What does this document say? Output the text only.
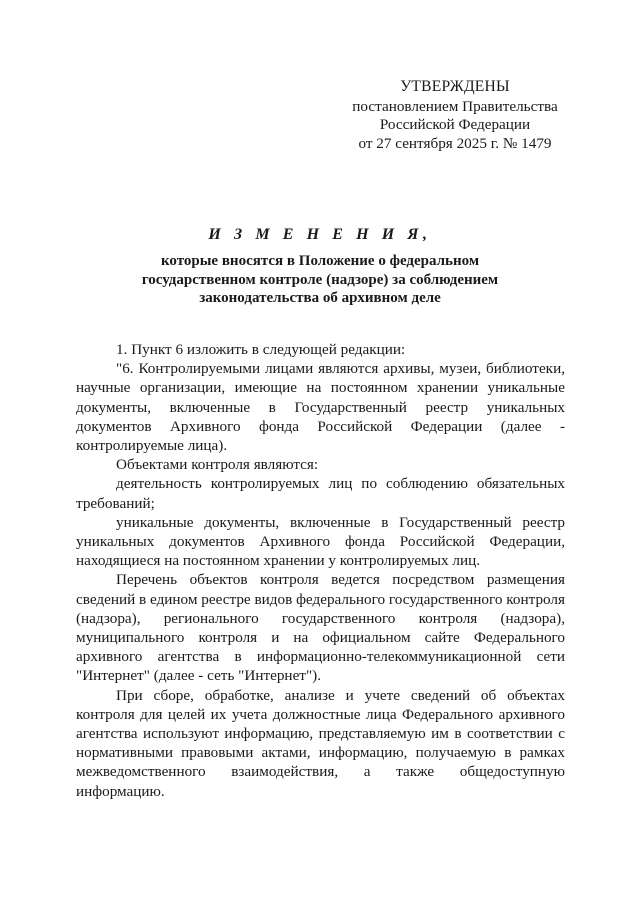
УТВЕРЖДЕНЫ
постановлением Правительства
Российской Федерации
от 27 сентября 2025 г. № 1479
И З М Е Н Е Н И Я,
которые вносятся в Положение о федеральном
государственном контроле (надзоре) за соблюдением
законодательства об архивном деле

1. Пункт 6 изложить в следующей редакции:

"6. Контролируемыми лицами являются архивы, музеи, библиотеки, научные организации, имеющие на постоянном хранении уникальные документы, включенные в Государственный реестр уникальных документов Архивного фонда Российской Федерации (далее - контролируемые лица).

Объектами контроля являются:

деятельность контролируемых лиц по соблюдению обязательных требований;

уникальные документы, включенные в Государственный реестр уникальных документов Архивного фонда Российской Федерации, находящиеся на постоянном хранении у контролируемых лиц.

Перечень объектов контроля ведется посредством размещения сведений в едином реестре видов федерального государственного контроля (надзора), регионального государственного контроля (надзора), муниципального контроля и на официальном сайте Федерального архивного агентства в информационно-телекоммуникационной сети "Интернет" (далее - сеть "Интернет").

При сборе, обработке, анализе и учете сведений об объектах контроля для целей их учета должностные лица Федерального архивного агентства используют информацию, представляемую им в соответствии с нормативными правовыми актами, информацию, получаемую в рамках межведомственного взаимодействия, а также общедоступную информацию.
